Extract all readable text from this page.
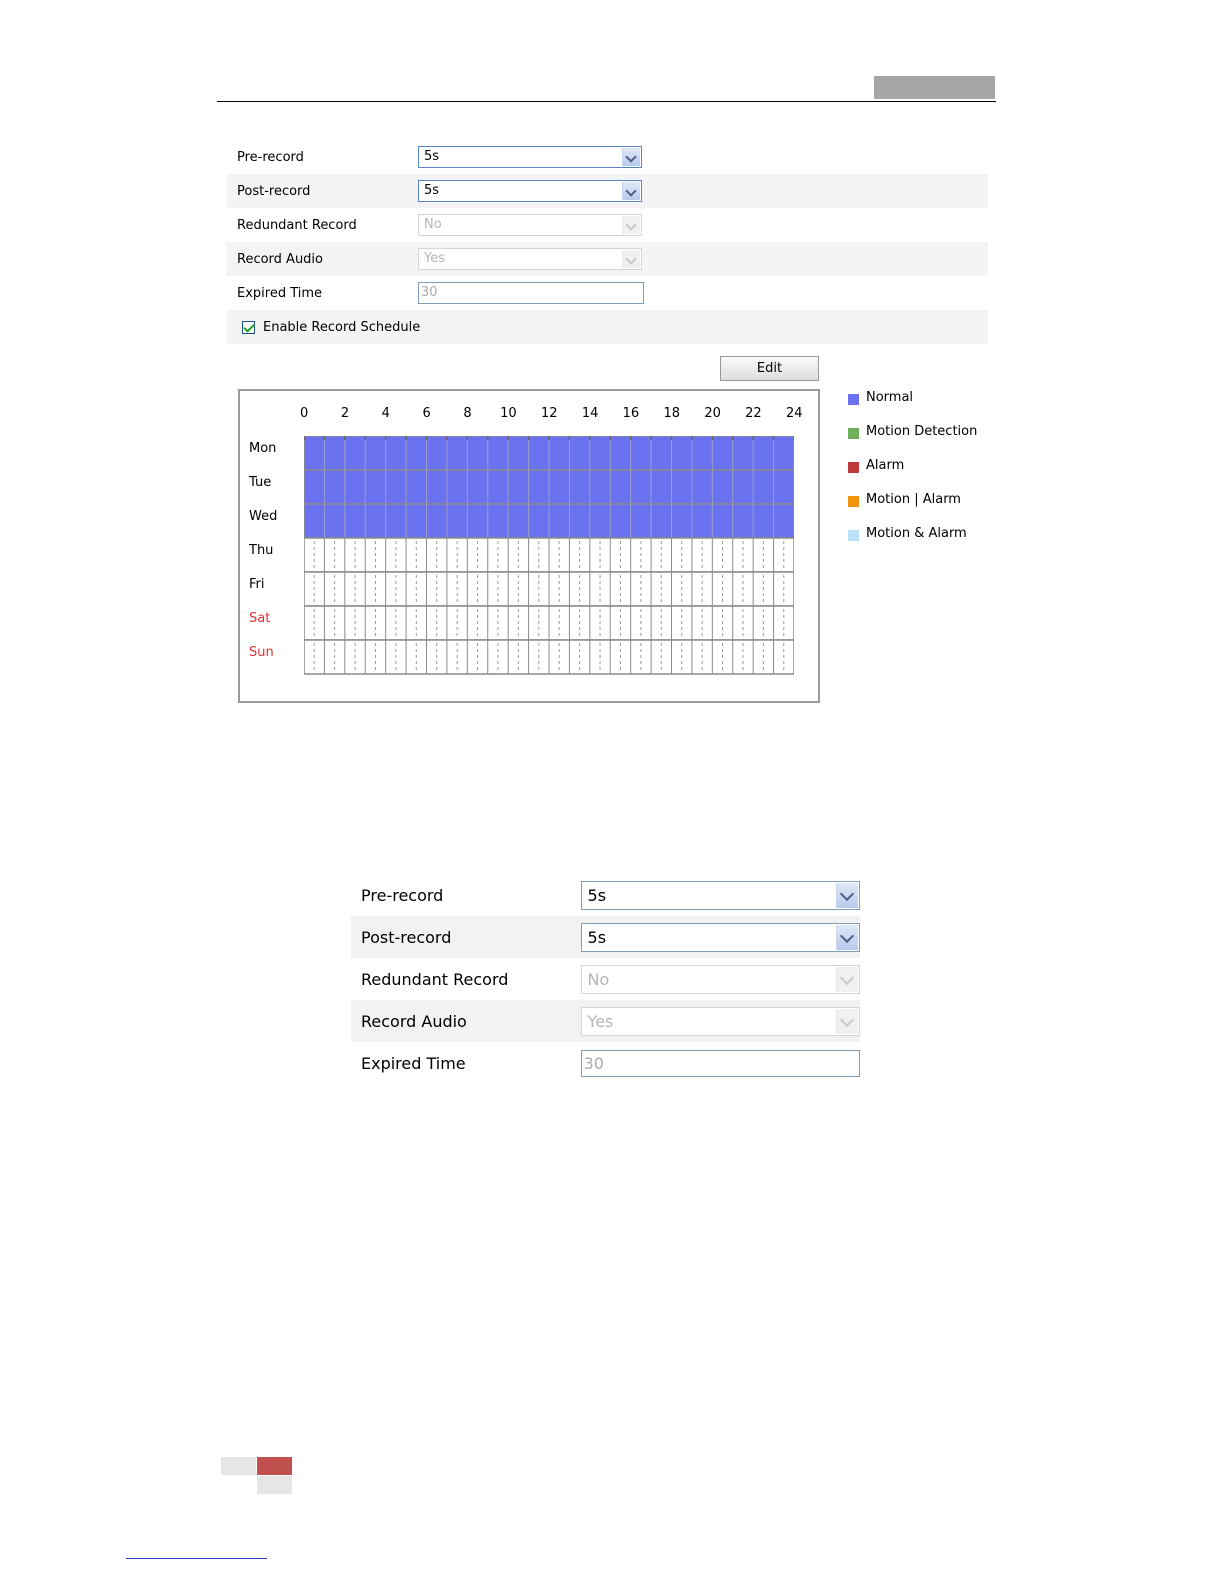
Pre-record	5s
Post-record	5s
Redundant Record	No
Record Audio	Yes
Expired Time	30
Enable Record Schedule
Edit
0	2	4	6	8 10 12 14 16 18 20 22 24
Mon
Tue
Wed
Thu
Fri
Sat
Sun
Normal
Motion Detection
Alarm
Motion | Alarm
Motion & Alarm
Pre-record	5s
Post-record	5s
Redundant Record	No
Record Audio	Yes
Expired Time	30
